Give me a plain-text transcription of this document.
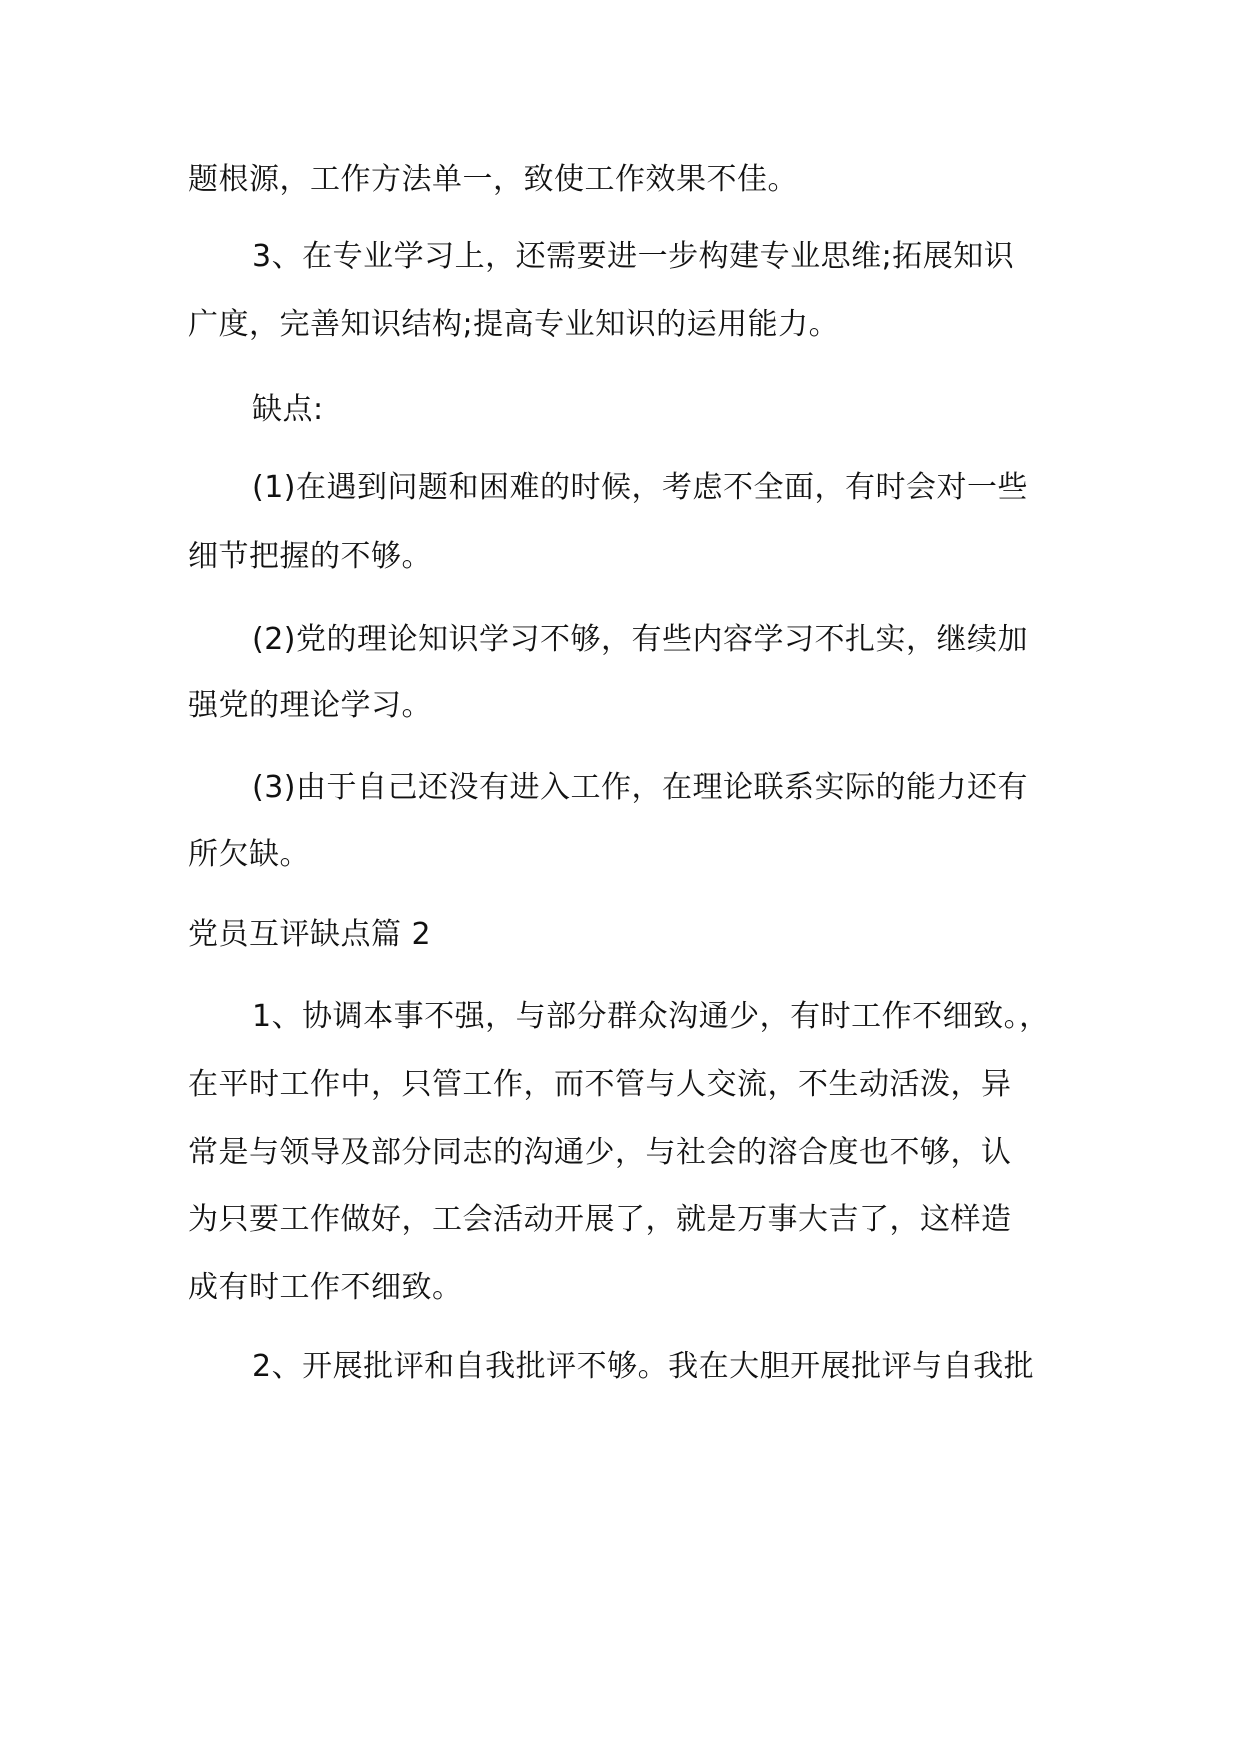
题根源，工作方法单一，致使工作效果不佳。
3、在专业学习上，还需要进一步构建专业思维;拓展知识
广度，完善知识结构;提高专业知识的运用能力。
缺点:
(1)在遇到问题和困难的时候，考虑不全面，有时会对一些
细节把握的不够。
(2)党的理论知识学习不够，有些内容学习不扎实，继续加
强党的理论学习。
(3)由于自己还没有进入工作，在理论联系实际的能力还有
所欠缺。
党员互评缺点篇 2
1、协调本事不强，与部分群众沟通少，有时工作不细致。，
在平时工作中，只管工作，而不管与人交流，不生动活泼，异
常是与领导及部分同志的沟通少，与社会的溶合度也不够，认
为只要工作做好，工会活动开展了，就是万事大吉了，这样造
成有时工作不细致。
2、开展批评和自我批评不够。我在大胆开展批评与自我批
